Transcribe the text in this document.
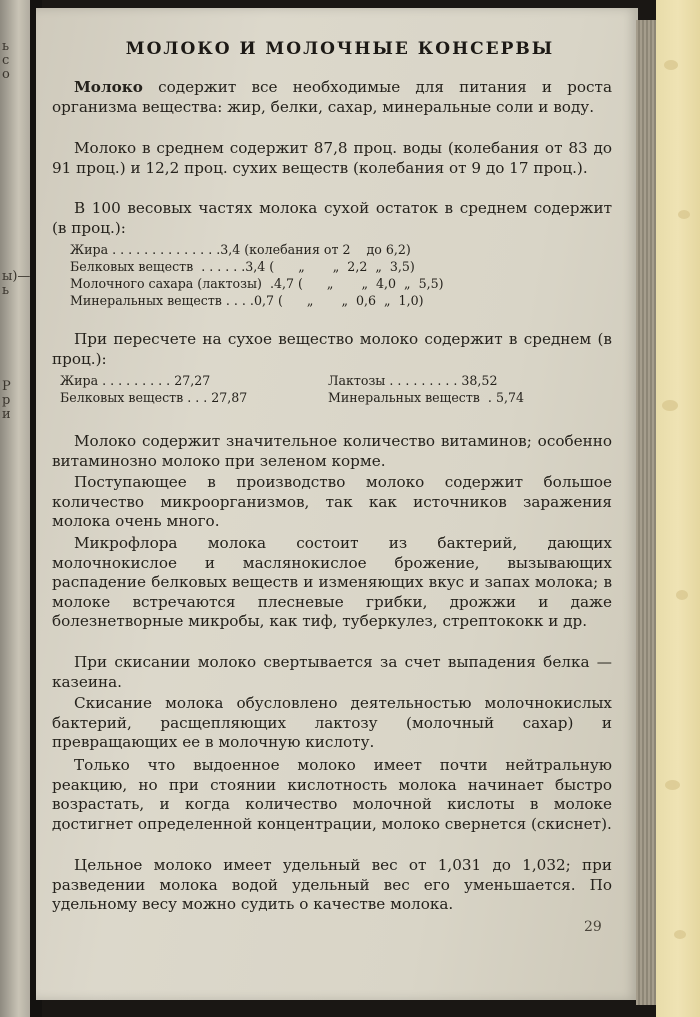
ь
с
о
ы)—
ь
Р
р
и
МОЛОКО И МОЛОЧНЫЕ КОНСЕРВЫ
Молоко содержит все необходимые для питания и роста организма вещества: жир, белки, сахар, минеральные соли и воду.
Молоко в среднем содержит 87,8 проц. воды (колебания от 83 до 91 проц.) и 12,2 проц. сухих веществ (колебания от 9 до 17 проц.).
В 100 весовых частях молока сухой остаток в среднем содержит (в проц.):
Жира . . . . . . . . . . . . . .3,4 (колебания от 2    до 6,2)
Белковых веществ  . . . . . .3,4 (      „       „  2,2  „  3,5)
Молочного сахара (лактозы)  .4,7 (      „       „  4,0  „  5,5)
Минеральных веществ . . . .0,7 (      „       „  0,6  „  1,0)
При пересчете на сухое вещество молоко содержит в среднем (в проц.):
Жира . . . . . . . . . 27,27
Белковых веществ . . . 27,87
Лактозы . . . . . . . . . 38,52
Минеральных веществ  . 5,74
Молоко содержит значительное количество витаминов; особенно витаминозно молоко при зеленом корме.
Поступающее в производство молоко содержит большое количество микроорганизмов, так как источников заражения молока очень много.
Микрофлора молока состоит из бактерий, дающих молочнокислое и маслянокислое брожение, вызывающих распадение белковых веществ и изменяющих вкус и запах молока; в молоке встречаются плесневые грибки, дрожжи и даже болезнетворные микробы, как тиф, туберкулез, стрептококк и др.
При скисании молоко свертывается за счет выпадения белка — казеина.
Скисание молока обусловлено деятельностью молочнокислых бактерий, расщепляющих лактозу (молочный сахар) и превращающих ее в молочную кислоту.
Только что выдоенное молоко имеет почти нейтральную реакцию, но при стоянии кислотность молока начинает быстро возрастать, и когда количество молочной кислоты в молоке достигнет определенной концентрации, молоко свернется (скиснет).
Цельное молоко имеет удельный вес от 1,031 до 1,032; при разведении молока водой удельный вес его уменьшается. По удельному весу можно судить о качестве молока.
29
